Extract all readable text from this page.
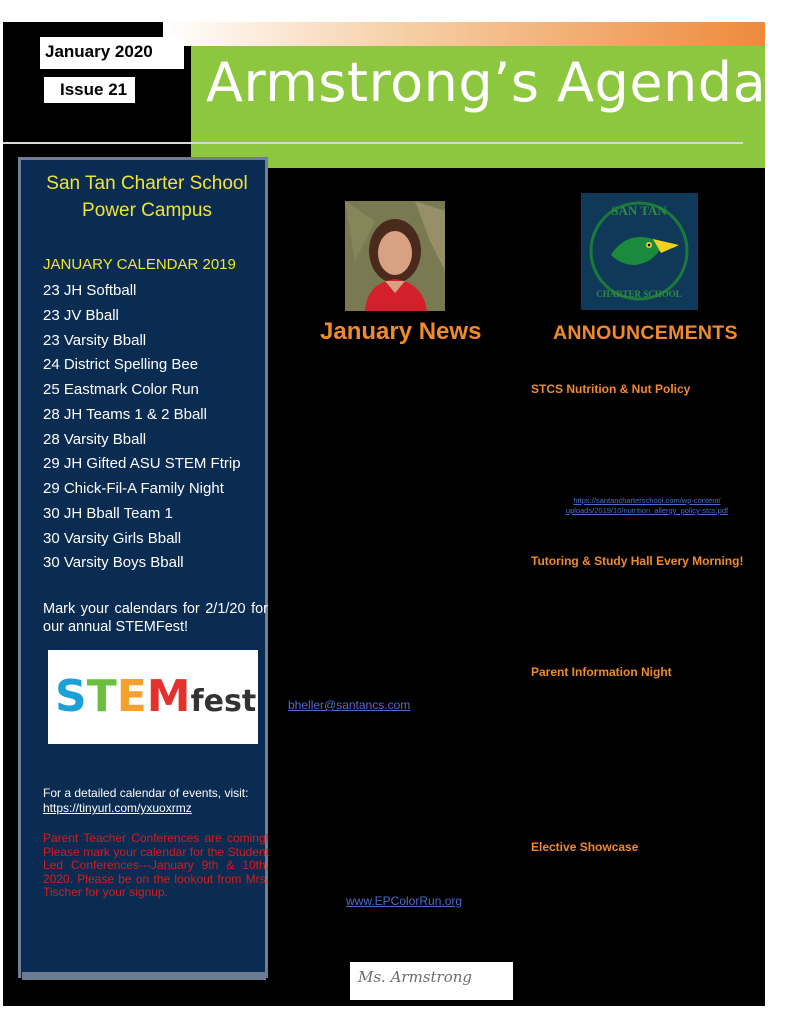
Armstrong’s Agenda
January 2020
Issue 21
San Tan Charter School
Power Campus
JANUARY CALENDAR 2019
23 JH Softball
23 JV Bball
23 Varsity Bball
24 District Spelling Bee
25 Eastmark Color Run
28 JH Teams 1 & 2 Bball
28 Varsity Bball
29 JH Gifted ASU STEM Ftrip
29 Chick-Fil-A Family Night
30 JH Bball Team 1
30 Varsity Girls Bball
30 Varsity Boys Bball
Mark your calendars for 2/1/20 for our annual STEMFest!
STEMfest
For a detailed calendar of events, visit:
https://tinyurl.com/yxuoxrmz
Parent Teacher Conferences are coming! Please mark your calendar for the Student Led Conferences---January 9th & 10th, 2020. Please be on the lookout from Mrs. Tischer for your signup.
January News
bheller@santancs.com
www.EPColorRun.org
Ms. Armstrong
SAN TAN
CHARTER SCHOOL
ANNOUNCEMENTS
STCS Nutrition & Nut Policy
https://santancharterschool.com/wp-content/
uploads/2019/10/nutrition_allergy_policy-stcs.pdf
Tutoring & Study Hall Every Morning!
Parent Information Night
Elective Showcase
